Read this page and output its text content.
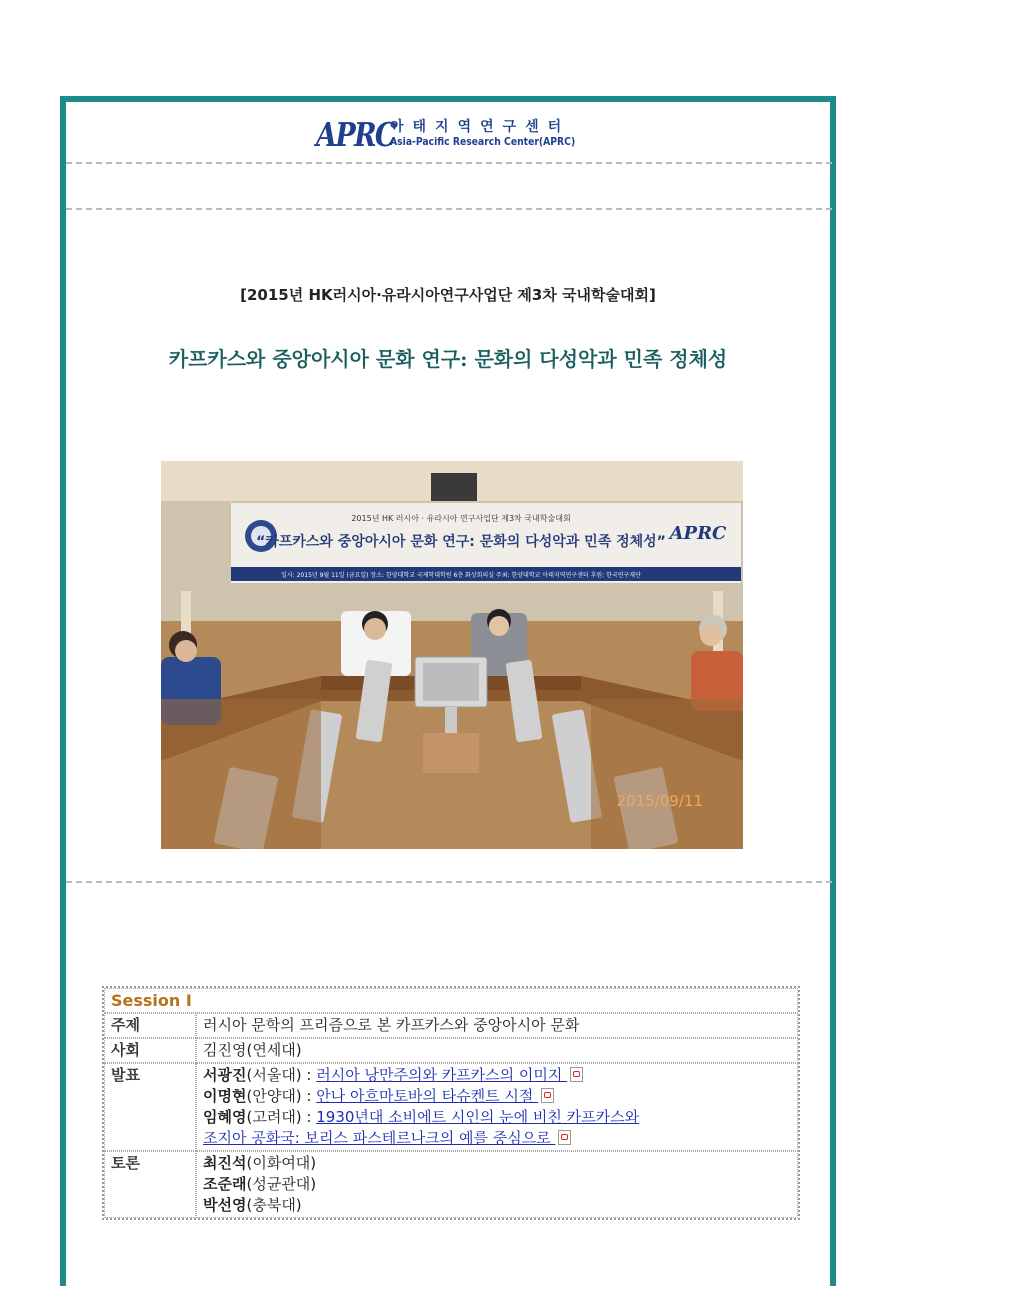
APRC
아태지역연구센터
Asia-Pacific Research Center(APRC)
[2015년 HK러시아·유라시아연구사업단 제3차 국내학술대회]
카프카스와 중앙아시아 문화 연구: 문화의 다성악과 민족 정체성
2015년 HK 러시아 · 유라시아 연구사업단 제3차 국내학술대회
“카프카스와 중앙아시아 문화 연구: 문화의 다성악과 민족 정체성” APRC
일시: 2015년 9월 11일 (금요일) 장소: 한양대학교 국제학대학원 6층 화상회의실 주최: 한양대학교 아태지역연구센터 후원: 한국연구재단
2015/09/11
Session I	
주제	러시아 문학의 프리즘으로 본 카프카스와 중앙아시아 문화
사회	김진영(연세대)
발표	서광진(서울대) : 러시아 낭만주의와 카프카스의 이미지
이명현(안양대) : 안나 아흐마토바의 타슈켄트 시절
임혜영(고려대) : 1930년대 소비에트 시인의 눈에 비친 카프카스와
조지아 공화국: 보리스 파스테르나크의 예를 중심으로

토론	최진석(이화여대)
조준래(성균관대)
박선영(충북대)
